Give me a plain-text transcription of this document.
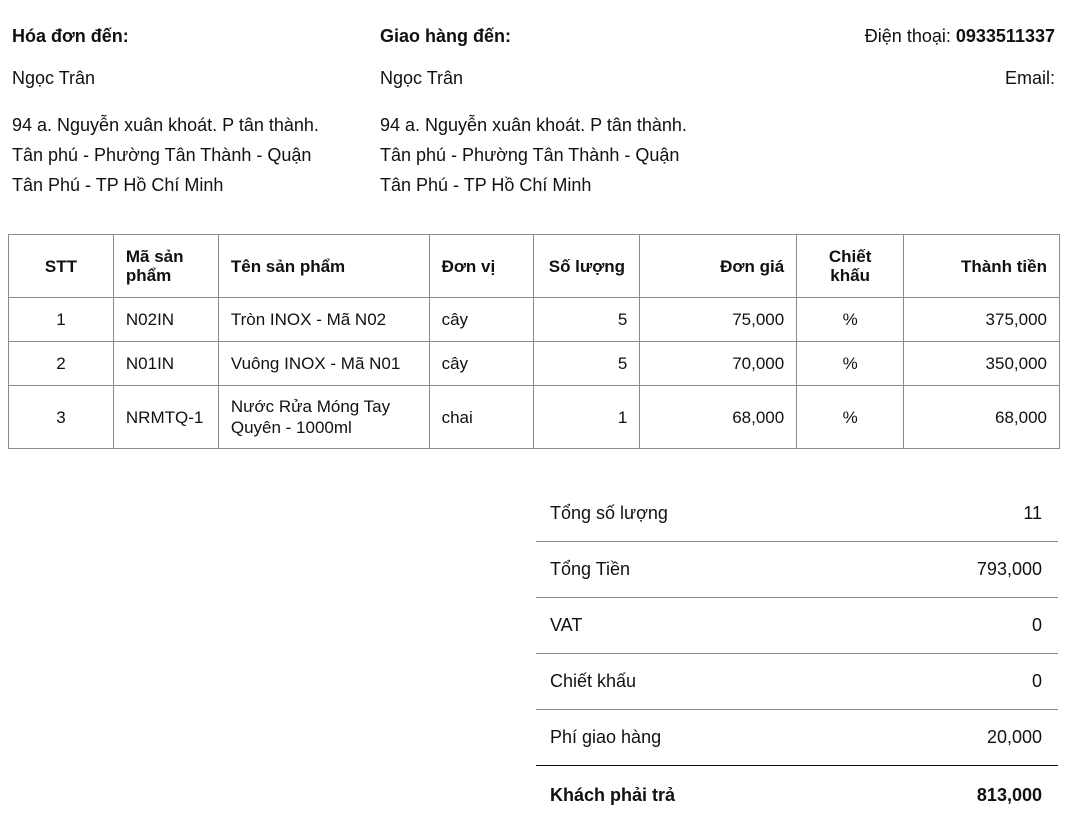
Hóa đơn đến:

Ngọc Trân
94 a. Nguyễn xuân khoát. P tân thành.
Tân phú - Phường Tân Thành - Quận
Tân Phú - TP Hồ Chí Minh

Giao hàng đến:

Ngọc Trân
94 a. Nguyễn xuân khoát. P tân thành.
Tân phú - Phường Tân Thành - Quận
Tân Phú - TP Hồ Chí Minh
Điện thoại: 0933511337
Email:
STT	Mã sản phẩm	Tên sản phẩm	Đơn vị	Số lượng	Đơn giá	Chiết khấu	Thành tiền
1	N02IN	Tròn INOX - Mã N02	cây	5	75,000	%	375,000
2	N01IN	Vuông INOX - Mã N01	cây	5	70,000	%	350,000
3	NRMTQ-1	Nước Rửa Móng Tay Quyên - 1000ml	chai	1	68,000	%	68,000
Tổng số lượng	11
Tổng Tiền	793,000
VAT	0
Chiết khấu	0
Phí giao hàng	20,000
Khách phải trả	813,000
